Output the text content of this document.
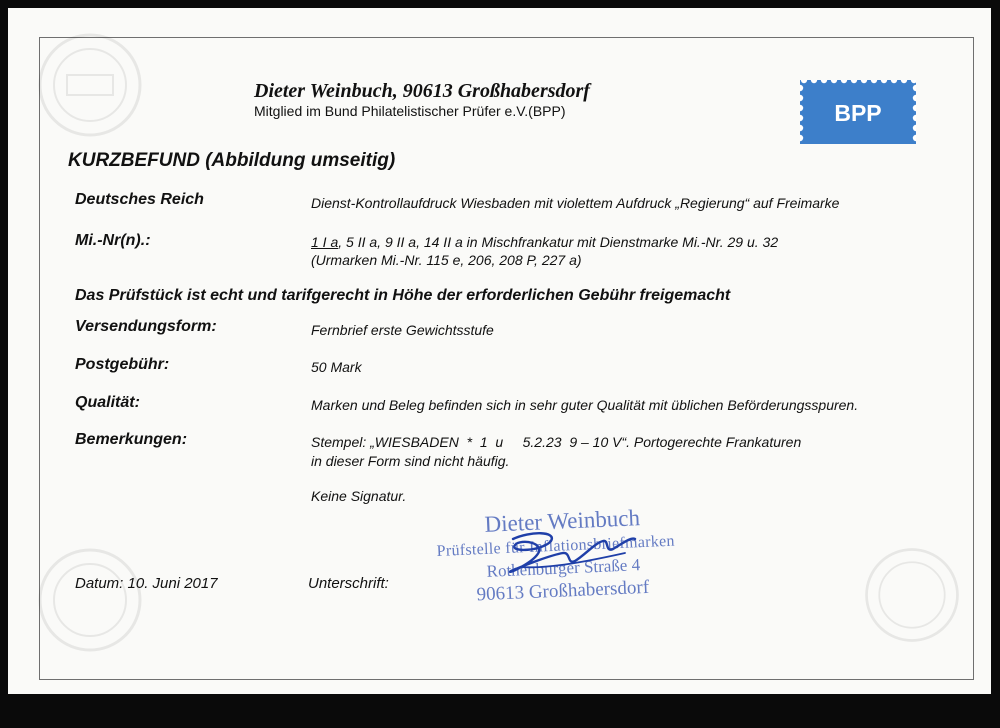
Dieter Weinbuch, 90613 Großhabersdorf
Mitglied im Bund Philatelistischer Prüfer e.V.(BPP)	BPP
KURZBEFUND (Abbildung umseitig)
Deutsches Reich	Dienst-Kontrollaufdruck Wiesbaden mit violettem Aufdruck „Regierung“ auf Freimarke
Mi.-Nr(n).:	1 I a, 5 II a, 9 II a, 14 II a in Mischfrankatur mit Dienstmarke Mi.-Nr. 29 u. 32
(Urmarken Mi.-Nr. 115 e, 206, 208 P, 227 a)
Das Prüfstück ist echt und tarifgerecht in Höhe der erforderlichen Gebühr freigemacht
Versendungsform:	Fernbrief erste Gewichtsstufe
Postgebühr:	50 Mark
Qualität:	Marken und Beleg befinden sich in sehr guter Qualität mit üblichen Beförderungsspuren.
Bemerkungen:	Stempel: „WIESBADEN  *  1  u     5.2.23  9 – 10 V“. Portogerechte Frankaturen
in dieser Form sind nicht häufig.
Keine Signatur.
Datum: 10. Juni 2017	Unterschrift:
Dieter Weinbuch
Prüfstelle für Inflationsbriefmarken
Rothenburger Straße 4
90613 Großhabersdorf
